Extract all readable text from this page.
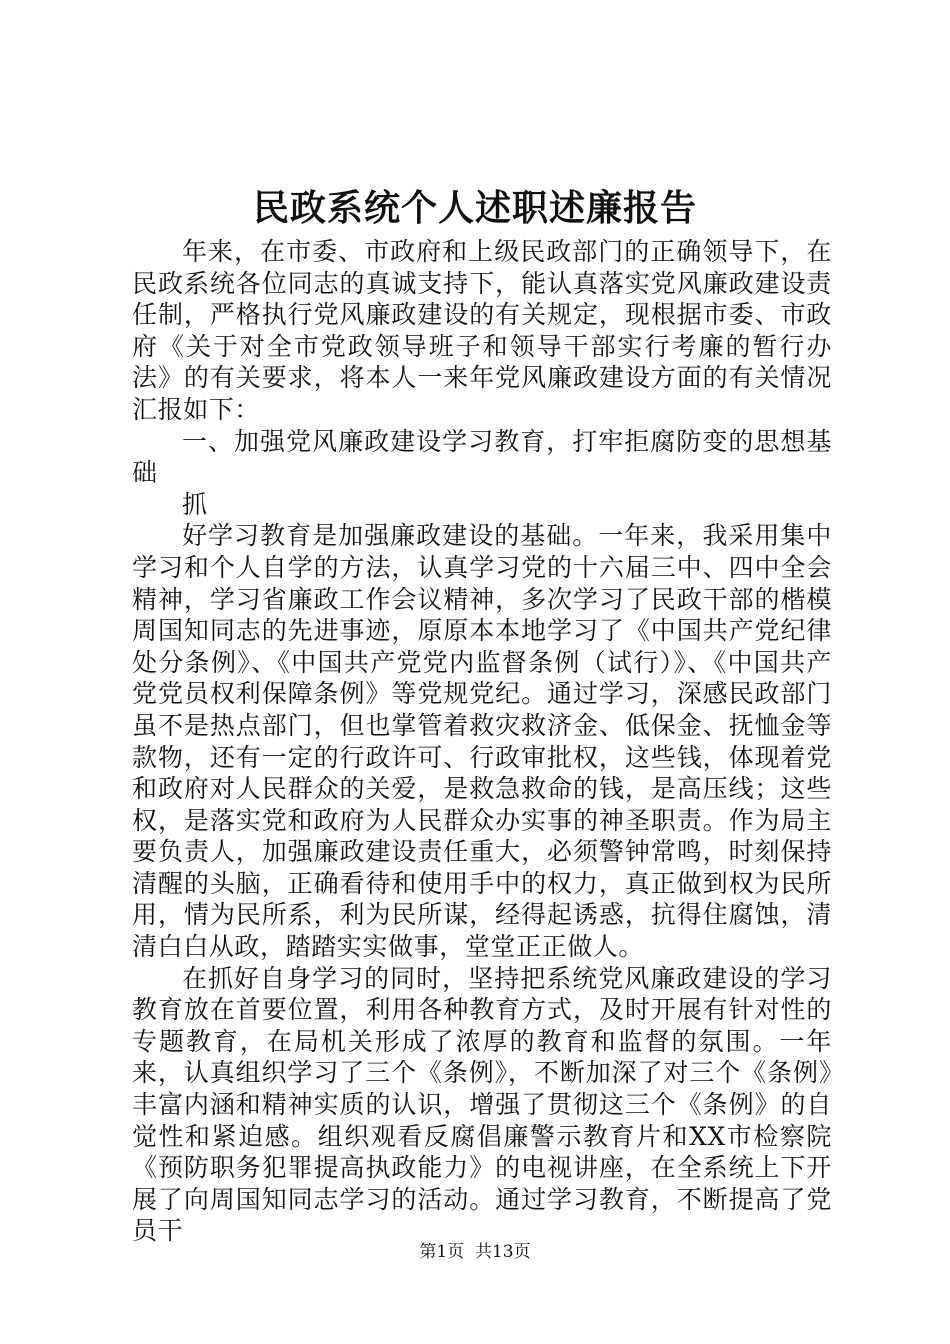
民政系统个人述职述廉报告

年来，在市委、市政府和上级民政部门的正确领导下，在民政系统各位同志的真诚支持下，能认真落实党风廉政建设责任制，严格执行党风廉政建设的有关规定，现根据市委、市政府《关于对全市党政领导班子和领导干部实行考廉的暂行办法》的有关要求，将本人一来年党风廉政建设方面的有关情况汇报如下：

一、加强党风廉政建设学习教育，打牢拒腐防变的思想基础

抓

好学习教育是加强廉政建设的基础。一年来，我采用集中学习和个人自学的方法，认真学习党的十六届三中、四中全会精神，学习省廉政工作会议精神，多次学习了民政干部的楷模周国知同志的先进事迹，原原本本地学习了《中国共产党纪律处分条例》、《中国共产党党内监督条例（试行）》、《中国共产党党员权利保障条例》等党规党纪。通过学习，深感民政部门虽不是热点部门，但也掌管着救灾救济金、低保金、抚恤金等款物，还有一定的行政许可、行政审批权，这些钱，体现着党和政府对人民群众的关爱，是救急救命的钱，是高压线；这些权，是落实党和政府为人民群众办实事的神圣职责。作为局主要负责人，加强廉政建设责任重大，必须警钟常鸣，时刻保持清醒的头脑，正确看待和使用手中的权力，真正做到权为民所用，情为民所系，利为民所谋，经得起诱惑，抗得住腐蚀，清清白白从政，踏踏实实做事，堂堂正正做人。

在抓好自身学习的同时，坚持把系统党风廉政建设的学习教育放在首要位置，利用各种教育方式，及时开展有针对性的专题教育，在局机关形成了浓厚的教育和监督的氛围。一年来，认真组织学习了三个《条例》，不断加深了对三个《条例》丰富内涵和精神实质的认识，增强了贯彻这三个《条例》的自觉性和紧迫感。组织观看反腐倡廉警示教育片和XX市检察院《预防职务犯罪提高执政能力》的电视讲座，在全系统上下开展了向周国知同志学习的活动。通过学习教育，不断提高了党员干

第1页  共13页
